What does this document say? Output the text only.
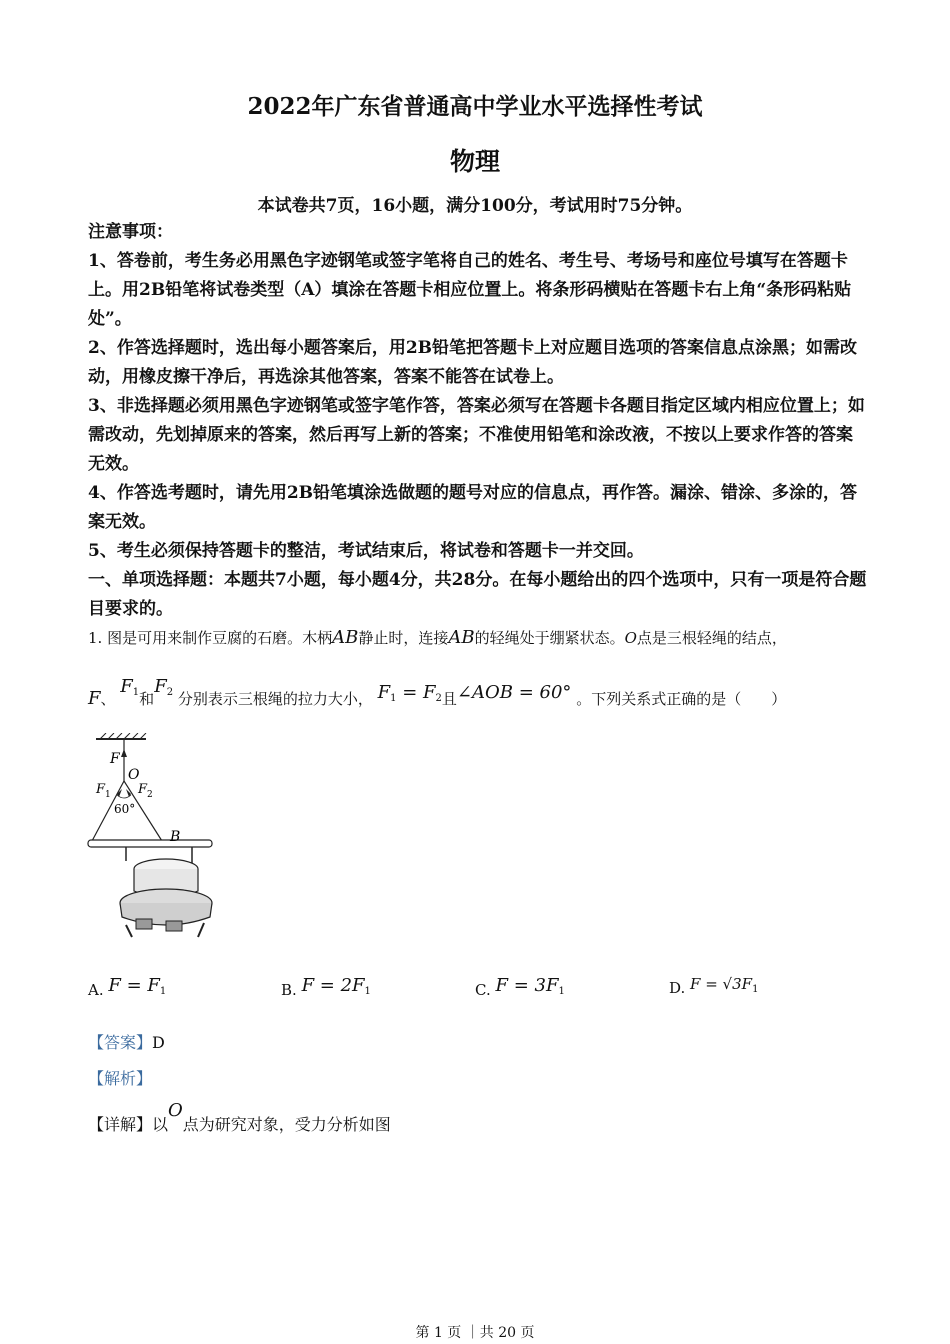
2022年广东省普通高中学业水平选择性考试
物理
本试卷共7页，16小题，满分100分，考试用时75分钟。
注意事项：

1、答卷前，考生务必用黑色字迹钢笔或签字笔将自己的姓名、考生号、考场号和座位号填写在答题卡上。用2B铅笔将试卷类型（A）填涂在答题卡相应位置上。将条形码横贴在答题卡右上角“条形码粘贴处”。

2、作答选择题时，选出每小题答案后，用2B铅笔把答题卡上对应题目选项的答案信息点涂黑；如需改动，用橡皮擦干净后，再选涂其他答案，答案不能答在试卷上。

3、非选择题必须用黑色字迹钢笔或签字笔作答，答案必须写在答题卡各题目指定区域内相应位置上；如需改动，先划掉原来的答案，然后再写上新的答案；不准使用铅笔和涂改液，不按以上要求作答的答案无效。

4、作答选考题时，请先用2B铅笔填涂选做题的题号对应的信息点，再作答。漏涂、错涂、多涂的，答案无效。

5、考生必须保持答题卡的整洁，考试结束后，将试卷和答题卡一并交回。

一、单项选择题：本题共7小题，每小题4分，共28分。在每小题给出的四个选项中，只有一项是符合题目要求的。
1. 图是可用来制作豆腐的石磨。木柄AB静止时，连接AB的轻绳处于绷紧状态。O点是三根轻绳的结点，
F、 $F_1$和$F_2$ 分别表示三根绳的拉力大小， $F_1 = F_2$且∠AOB = 60° 。下列关系式正确的是（　　）
F
O
F 1 F 2
60°
B
A. $F = F_1$	B. $F = 2F_1$	C. $F = 3F_1$	D. $F = √3F_1$
【答案】D
【解析】
【详解】以O点为研究对象，受力分析如图
第 1 页 ｜共 20 页
